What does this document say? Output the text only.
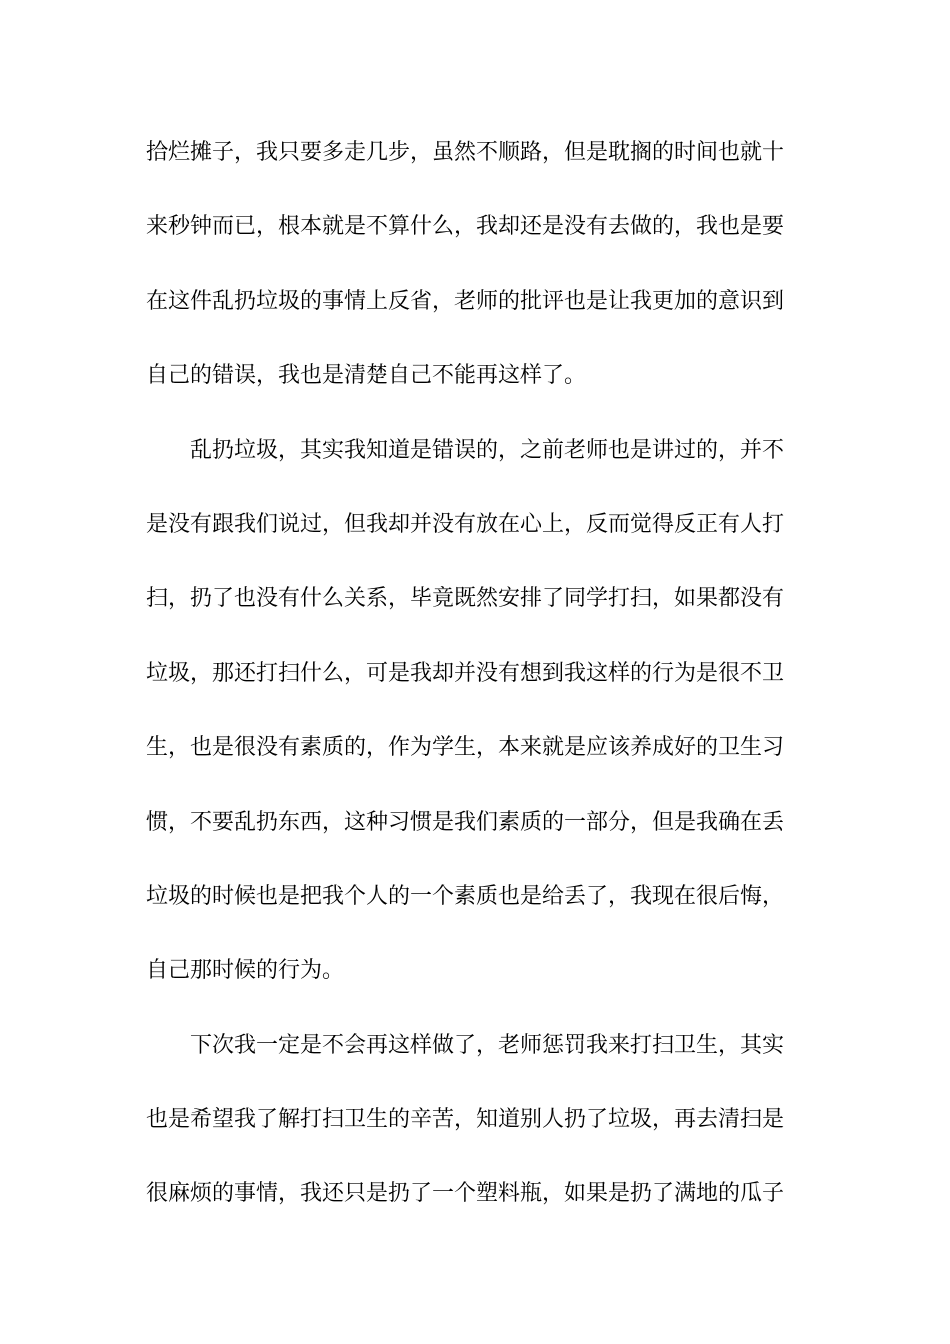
拾烂摊子，我只要多走几步，虽然不顺路，但是耽搁的时间也就十
来秒钟而已，根本就是不算什么，我却还是没有去做的，我也是要
在这件乱扔垃圾的事情上反省，老师的批评也是让我更加的意识到
自己的错误，我也是清楚自己不能再这样了。
乱扔垃圾，其实我知道是错误的，之前老师也是讲过的，并不
是没有跟我们说过，但我却并没有放在心上，反而觉得反正有人打
扫，扔了也没有什么关系，毕竟既然安排了同学打扫，如果都没有
垃圾，那还打扫什么，可是我却并没有想到我这样的行为是很不卫
生，也是很没有素质的，作为学生，本来就是应该养成好的卫生习
惯，不要乱扔东西，这种习惯是我们素质的一部分，但是我确在丢
垃圾的时候也是把我个人的一个素质也是给丢了，我现在很后悔，
自己那时候的行为。
下次我一定是不会再这样做了，老师惩罚我来打扫卫生，其实
也是希望我了解打扫卫生的辛苦，知道别人扔了垃圾，再去清扫是
很麻烦的事情，我还只是扔了一个塑料瓶，如果是扔了满地的瓜子
